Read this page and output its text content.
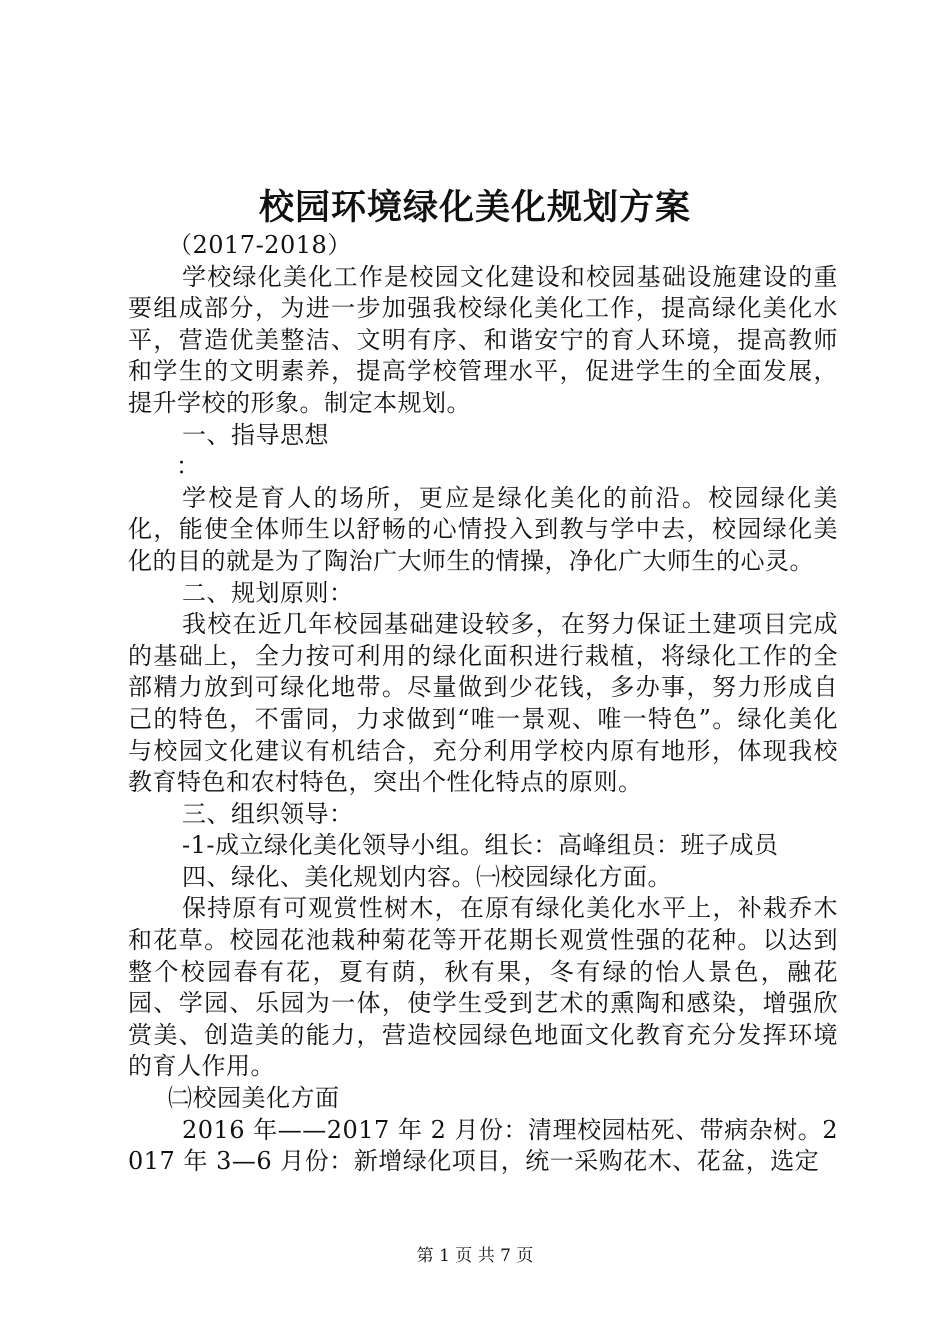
校园环境绿化美化规划方案

（2017-2018）

学校绿化美化工作是校园文化建设和校园基础设施建设的重要组成部分，为进一步加强我校绿化美化工作，提高绿化美化水平，营造优美整洁、文明有序、和谐安宁的育人环境，提高教师和学生的文明素养，提高学校管理水平，促进学生的全面发展，提升学校的形象。制定本规划。

一、指导思想

：

学校是育人的场所，更应是绿化美化的前沿。校园绿化美化，能使全体师生以舒畅的心情投入到教与学中去，校园绿化美化的目的就是为了陶治广大师生的情操，净化广大师生的心灵。

二、规划原则：

我校在近几年校园基础建设较多，在努力保证土建项目完成的基础上，全力按可利用的绿化面积进行栽植，将绿化工作的全部精力放到可绿化地带。尽量做到少花钱，多办事，努力形成自己的特色，不雷同，力求做到“唯一景观、唯一特色”。绿化美化与校园文化建议有机结合，充分利用学校内原有地形，体现我校教育特色和农村特色，突出个性化特点的原则。

三、组织领导：

-1-成立绿化美化领导小组。组长：高峰组员：班子成员

四、绿化、美化规划内容。㈠校园绿化方面。

保持原有可观赏性树木，在原有绿化美化水平上，补栽乔木和花草。校园花池栽种菊花等开花期长观赏性强的花种。以达到整个校园春有花，夏有荫，秋有果，冬有绿的怡人景色，融花园、学园、乐园为一体，使学生受到艺术的熏陶和感染，增强欣赏美、创造美的能力，营造校园绿色地面文化教育充分发挥环境的育人作用。

㈡校园美化方面

2016 年——2017 年 2 月份：清理校园枯死、带病杂树。2017 年 3—6 月份：新增绿化项目，统一采购花木、花盆，选定

第 1 页 共 7 页
